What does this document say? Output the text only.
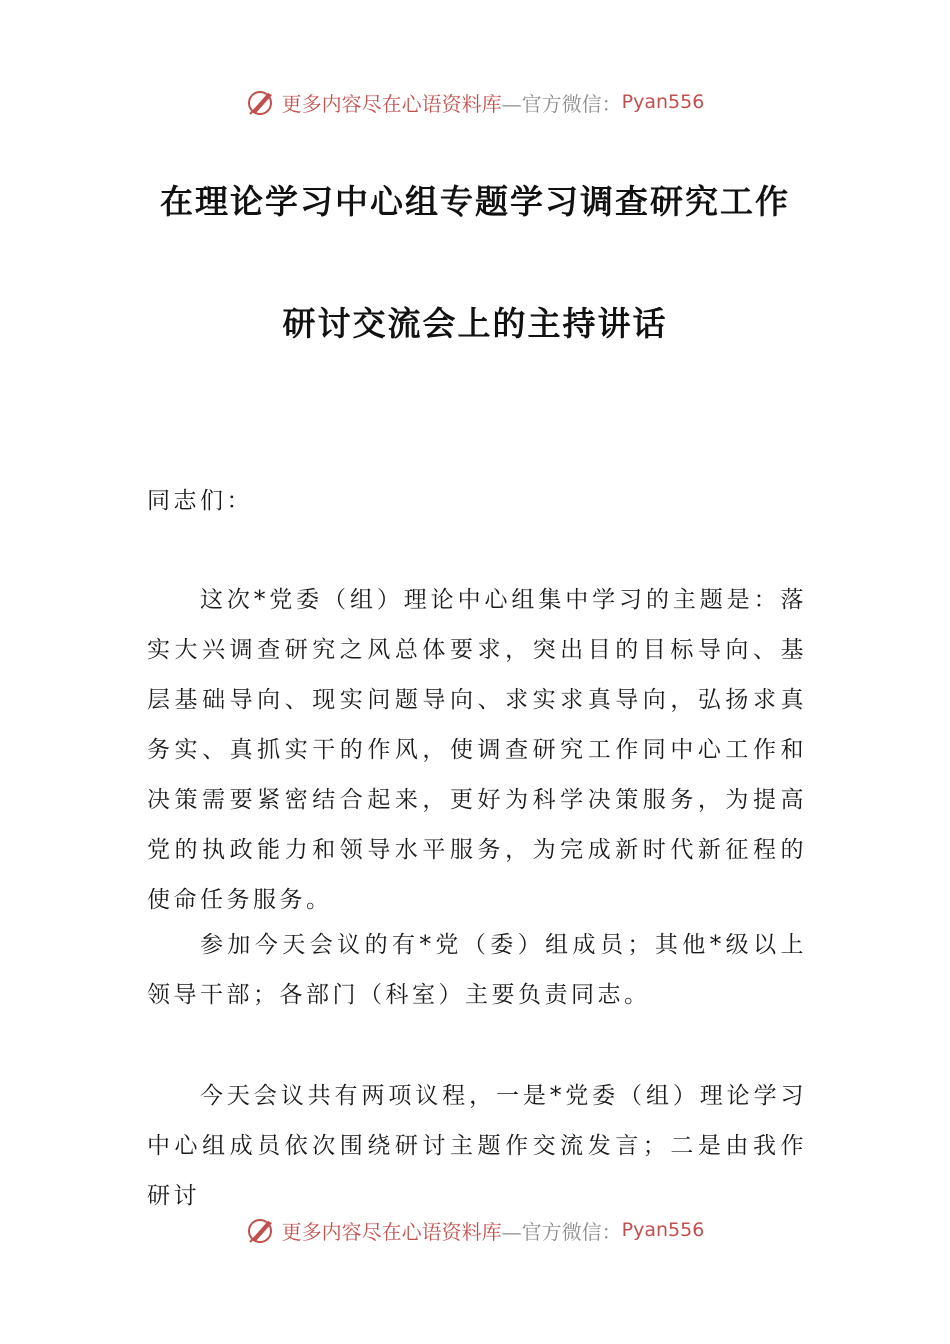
更多内容尽在心语资料库 —官方微信： Pyan556
在理论学习中心组专题学习调查研究工作
研讨交流会上的主持讲话
同志们：
这次*党委（组）理论中心组集中学习的主题是：落实大兴调查研究之风总体要求，突出目的目标导向、基层基础导向、现实问题导向、求实求真导向，弘扬求真务实、真抓实干的作风，使调查研究工作同中心工作和决策需要紧密结合起来，更好为科学决策服务，为提高党的执政能力和领导水平服务，为完成新时代新征程的使命任务服务。
参加今天会议的有*党（委）组成员；其他*级以上领导干部；各部门（科室）主要负责同志。
今天会议共有两项议程，一是*党委（组）理论学习中心组成员依次围绕研讨主题作交流发言；二是由我作研讨
更多内容尽在心语资料库 —官方微信： Pyan556
